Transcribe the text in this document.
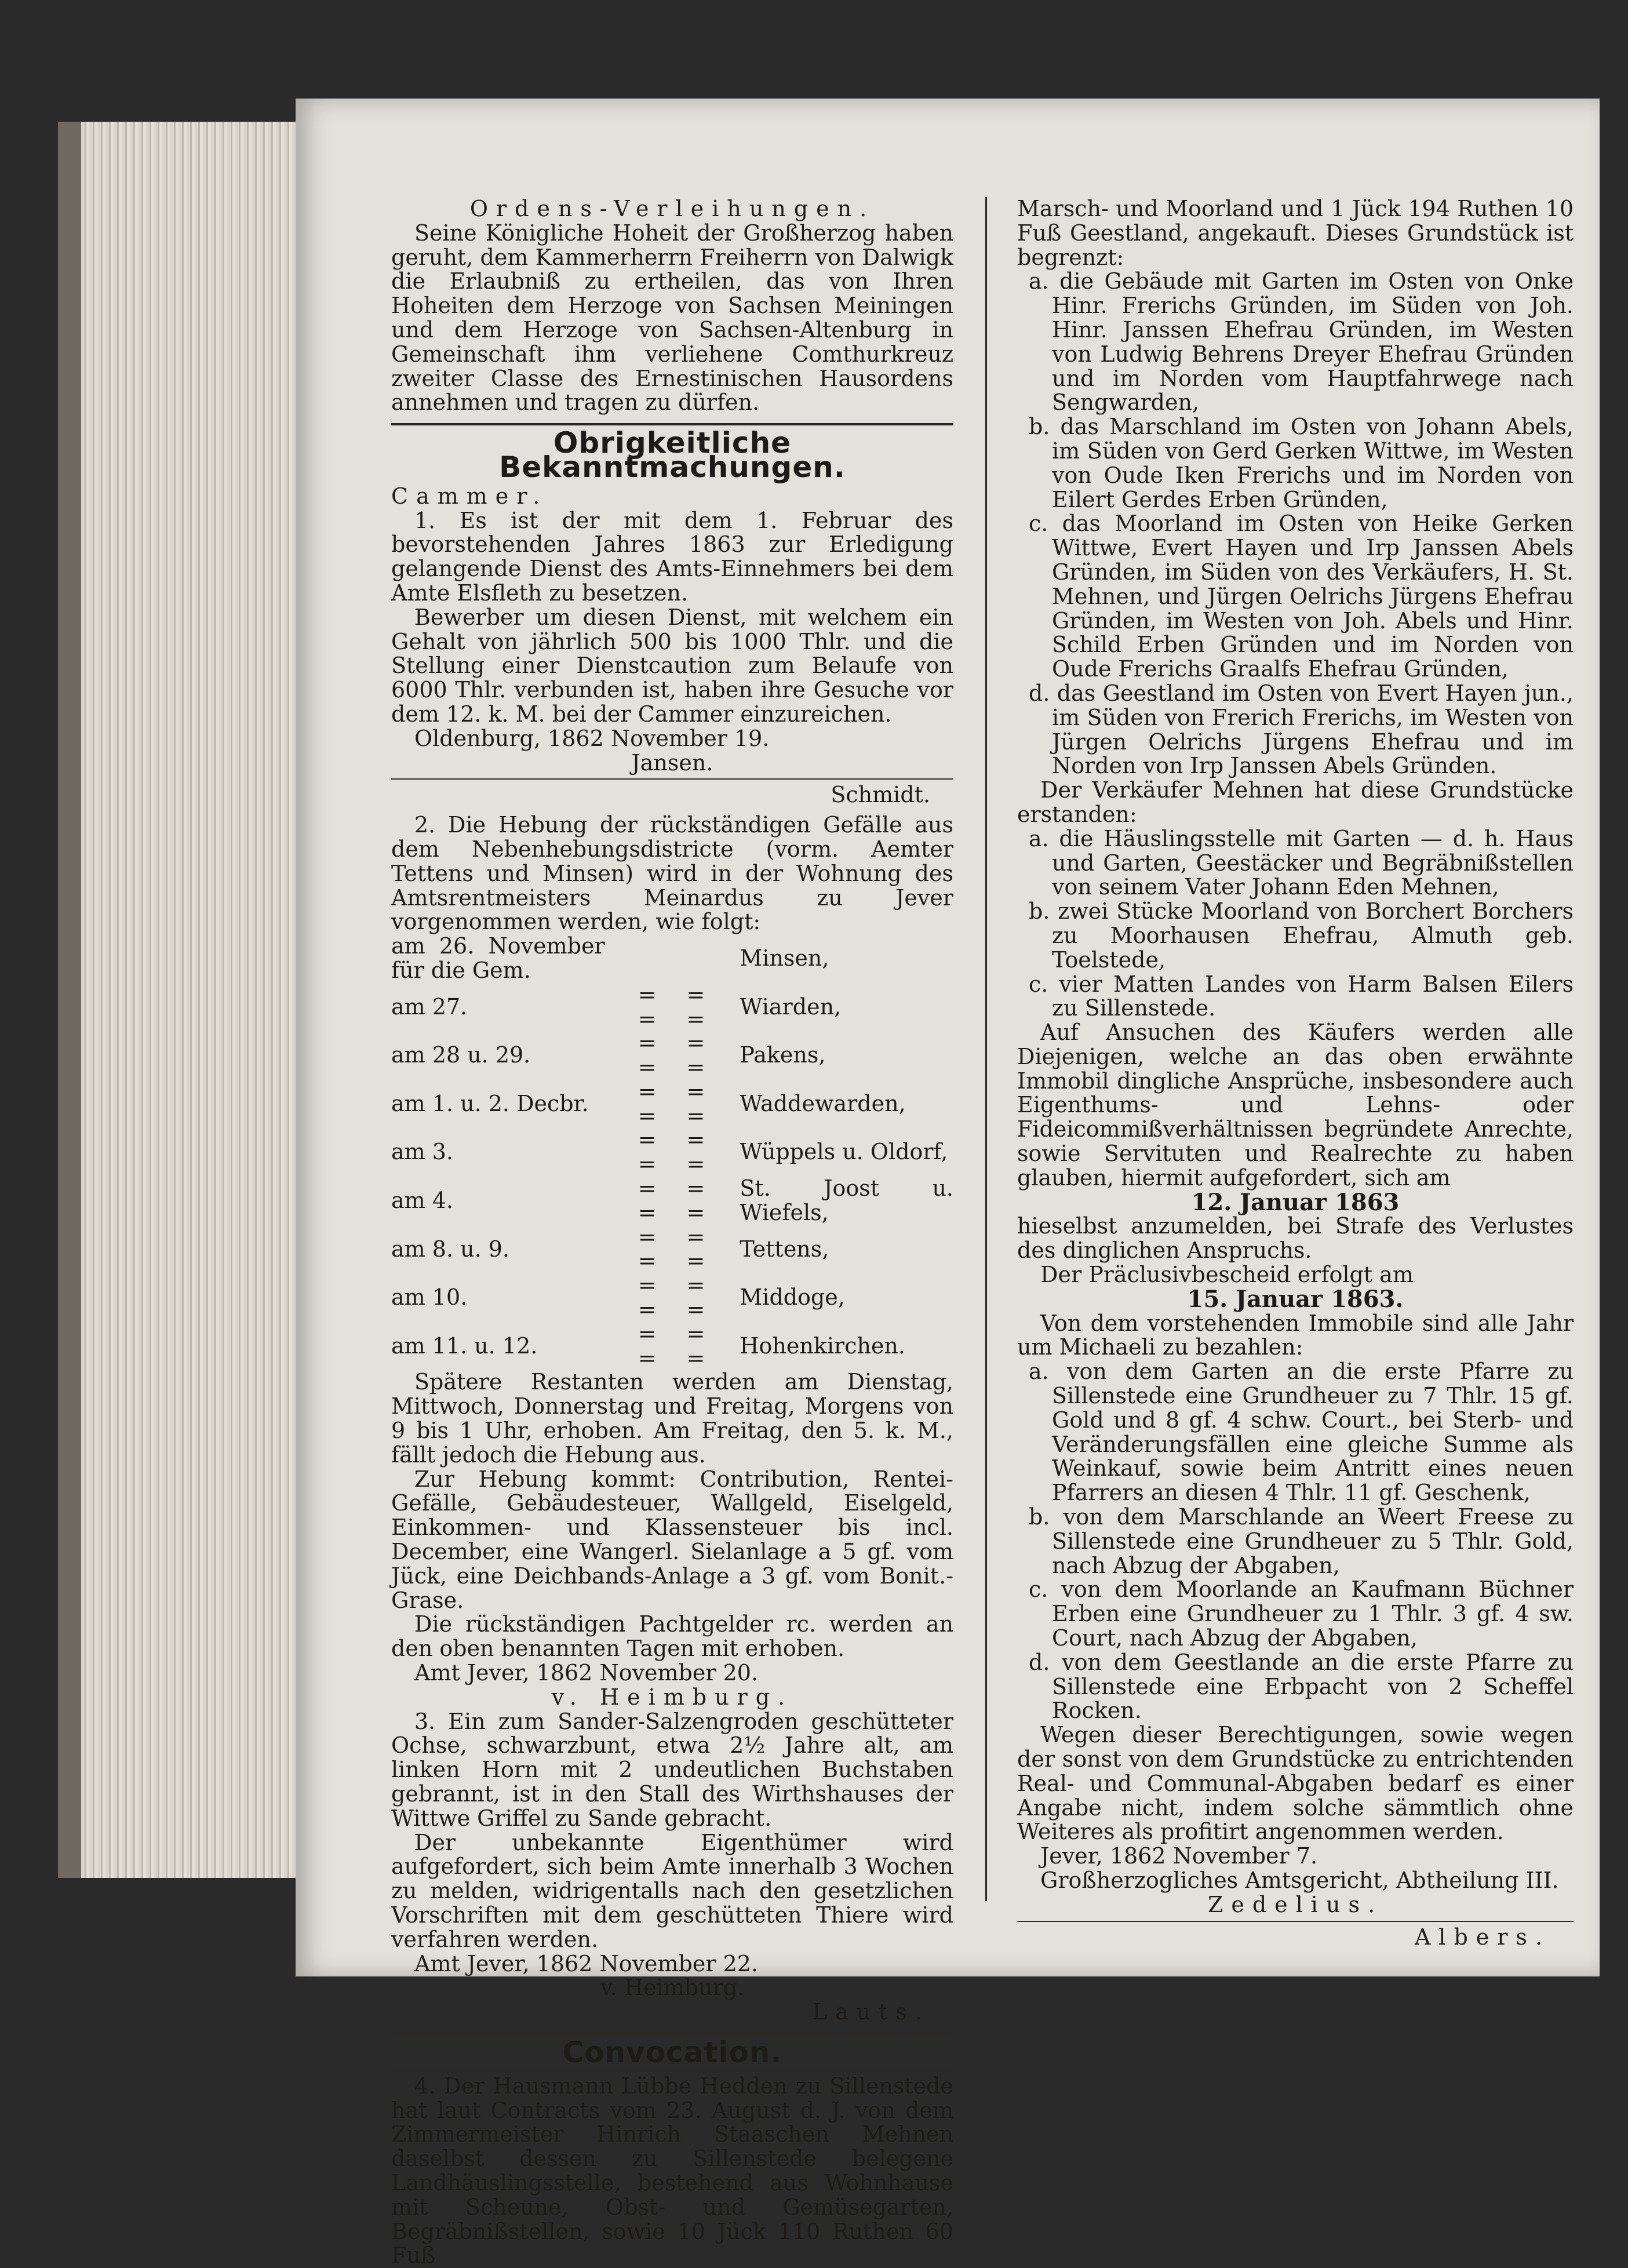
Ordens-Verleihungen.

Seine Königliche Hoheit der Großherzog haben geruht, dem Kammerherrn Freiherrn von Dalwigk die Erlaubniß zu ertheilen, das von Ihren Hoheiten dem Herzoge von Sachsen Meiningen und dem Herzoge von Sachsen-Altenburg in Gemeinschaft ihm verliehene Comthurkreuz zweiter Classe des Ernestinischen Hausordens annehmen und tragen zu dürfen.

Obrigkeitliche Bekanntmachungen.

Cammer.

1. Es ist der mit dem 1. Februar des bevorstehenden Jahres 1863 zur Erledigung gelangende Dienst des Amts-Einnehmers bei dem Amte Elsfleth zu besetzen.

Bewerber um diesen Dienst, mit welchem ein Gehalt von jährlich 500 bis 1000 Thlr. und die Stellung einer Dienstcaution zum Belaufe von 6000 Thlr. verbunden ist, haben ihre Gesuche vor dem 12. k. M. bei der Cammer einzureichen.

Oldenburg, 1862 November 19.

Jansen.

Schmidt.

2. Die Hebung der rückständigen Gefälle aus dem Nebenhebungsdistricte (vorm. Aemter Tettens und Minsen) wird in der Wohnung des Amtsrentmeisters Meinardus zu Jever vorgenommen werden, wie folgt:

am 26. November für die Gem.		Minsen,
am 27.	= = = =	Wiarden,
am 28 u. 29.	= = = =	Pakens,
am 1. u. 2. Decbr.	= = = =	Waddewarden,
am 3.	= = = =	Wüppels u. Oldorf,
am 4.	= = = =	St. Joost u. Wiefels,
am 8. u. 9.	= = = =	Tettens,
am 10.	= = = =	Middoge,
am 11. u. 12.	= = = =	Hohenkirchen.

Spätere Restanten werden am Dienstag, Mittwoch, Donnerstag und Freitag, Morgens von 9 bis 1 Uhr, erhoben. Am Freitag, den 5. k. M., fällt jedoch die Hebung aus.

Zur Hebung kommt: Contribution, Rentei-Gefälle, Gebäudesteuer, Wallgeld, Eiselgeld, Einkommen- und Klassensteuer bis incl. December, eine Wangerl. Sielanlage a 5 gf. vom Jück, eine Deichbands-Anlage a 3 gf. vom Bonit.-Grase.

Die rückständigen Pachtgelder rc. werden an den oben benannten Tagen mit erhoben.

Amt Jever, 1862 November 20.

v. Heimburg.

3. Ein zum Sander-Salzengroden geschütteter Ochse, schwarzbunt, etwa 2½ Jahre alt, am linken Horn mit 2 undeutlichen Buchstaben gebrannt, ist in den Stall des Wirthshauses der Wittwe Griffel zu Sande gebracht.

Der unbekannte Eigenthümer wird aufgefordert, sich beim Amte innerhalb 3 Wochen zu melden, widrigentalls nach den gesetzlichen Vorschriften mit dem geschütteten Thiere wird verfahren werden.

Amt Jever, 1862 November 22.

v. Heimburg.

Lauts.

Convocation.

4. Der Hausmann Lübbe Hedden zu Sillenstede hat laut Contracts vom 23. August d. J. von dem Zimmermeister Hinrich Staaschen Mehnen daselbst dessen zu Sillenstede belegene Landhäuslingsstelle, bestehend aus Wohnhause mit Scheune, Obst- und Gemüsegarten, Begräbnißstellen, sowie 10 Jück 110 Ruthen 60 Fuß

Marsch- und Moorland und 1 Jück 194 Ruthen 10 Fuß Geestland, angekauft. Dieses Grundstück ist begrenzt:

a. die Gebäude mit Garten im Osten von Onke Hinr. Frerichs Gründen, im Süden von Joh. Hinr. Janssen Ehefrau Gründen, im Westen von Ludwig Behrens Dreyer Ehefrau Gründen und im Norden vom Hauptfahrwege nach Sengwarden,

b. das Marschland im Osten von Johann Abels, im Süden von Gerd Gerken Wittwe, im Westen von Oude Iken Frerichs und im Norden von Eilert Gerdes Erben Gründen,

c. das Moorland im Osten von Heike Gerken Wittwe, Evert Hayen und Irp Janssen Abels Gründen, im Süden von des Verkäufers, H. St. Mehnen, und Jürgen Oelrichs Jürgens Ehefrau Gründen, im Westen von Joh. Abels und Hinr. Schild Erben Gründen und im Norden von Oude Frerichs Graalfs Ehefrau Gründen,

d. das Geestland im Osten von Evert Hayen jun., im Süden von Frerich Frerichs, im Westen von Jürgen Oelrichs Jürgens Ehefrau und im Norden von Irp Janssen Abels Gründen.

Der Verkäufer Mehnen hat diese Grundstücke erstanden:

a. die Häuslingsstelle mit Garten — d. h. Haus und Garten, Geestäcker und Begräbnißstellen von seinem Vater Johann Eden Mehnen,

b. zwei Stücke Moorland von Borchert Borchers zu Moorhausen Ehefrau, Almuth geb. Toelstede,

c. vier Matten Landes von Harm Balsen Eilers zu Sillenstede.

Auf Ansuchen des Käufers werden alle Diejenigen, welche an das oben erwähnte Immobil dingliche Ansprüche, insbesondere auch Eigenthums- und Lehns- oder Fideicommißverhältnissen begründete Anrechte, sowie Servituten und Realrechte zu haben glauben, hiermit aufgefordert, sich am

12. Januar 1863

hieselbst anzumelden, bei Strafe des Verlustes des dinglichen Anspruchs.

Der Präclusivbescheid erfolgt am

15. Januar 1863.

Von dem vorstehenden Immobile sind alle Jahr um Michaeli zu bezahlen:

a. von dem Garten an die erste Pfarre zu Sillenstede eine Grundheuer zu 7 Thlr. 15 gf. Gold und 8 gf. 4 schw. Court., bei Sterb- und Veränderungsfällen eine gleiche Summe als Weinkauf, sowie beim Antritt eines neuen Pfarrers an diesen 4 Thlr. 11 gf. Geschenk,

b. von dem Marschlande an Weert Freese zu Sillenstede eine Grundheuer zu 5 Thlr. Gold, nach Abzug der Abgaben,

c. von dem Moorlande an Kaufmann Büchner Erben eine Grundheuer zu 1 Thlr. 3 gf. 4 sw. Court, nach Abzug der Abgaben,

d. von dem Geestlande an die erste Pfarre zu Sillenstede eine Erbpacht von 2 Scheffel Rocken.

Wegen dieser Berechtigungen, sowie wegen der sonst von dem Grundstücke zu entrichtenden Real- und Communal-Abgaben bedarf es einer Angabe nicht, indem solche sämmtlich ohne Weiteres als profitirt angenommen werden.

Jever, 1862 November 7.

Großherzogliches Amtsgericht, Abtheilung III.

Zedelius.

Albers.
